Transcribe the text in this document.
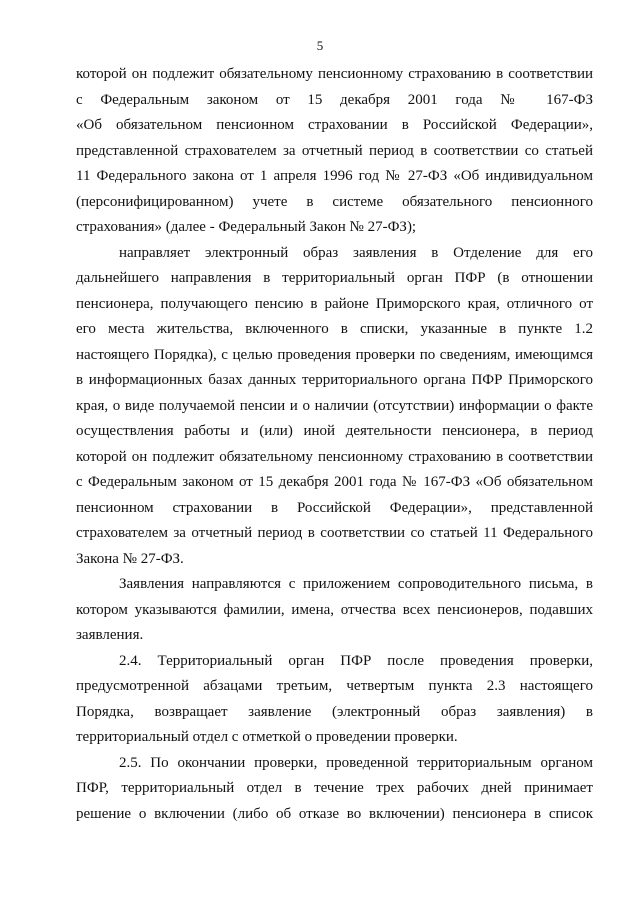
5
которой он подлежит обязательному пенсионному страхованию в соответствии
с Федеральным законом от 15 декабря 2001 года № 167-ФЗ
«Об обязательном пенсионном страховании в Российской Федерации»,
представленной страхователем за отчетный период в соответствии со статьей
11 Федерального закона от 1 апреля 1996 год № 27-ФЗ «Об индивидуальном
(персонифицированном) учете в системе обязательного пенсионного
страхования» (далее - Федеральный Закон № 27-ФЗ);
направляет электронный образ заявления в Отделение для его
дальнейшего направления в территориальный орган ПФР (в отношении
пенсионера, получающего пенсию в районе Приморского края, отличного от
его места жительства, включенного в списки, указанные в пункте 1.2
настоящего Порядка), с целью проведения проверки по сведениям, имеющимся
в информационных базах данных территориального органа ПФР Приморского
края, о виде получаемой пенсии и о наличии (отсутствии) информации о факте
осуществления работы и (или) иной деятельности пенсионера, в период
которой он подлежит обязательному пенсионному страхованию в соответствии
с Федеральным законом от 15 декабря 2001 года № 167-ФЗ «Об обязательном
пенсионном страховании в Российской Федерации», представленной
страхователем за отчетный период в соответствии со статьей 11 Федерального
Закона № 27-ФЗ.
Заявления направляются с приложением сопроводительного письма, в
котором указываются фамилии, имена, отчества всех пенсионеров, подавших
заявления.
2.4. Территориальный орган ПФР после проведения проверки,
предусмотренной абзацами третьим, четвертым пункта 2.3 настоящего
Порядка, возвращает заявление (электронный образ заявления) в
территориальный отдел с отметкой о проведении проверки.
2.5. По окончании проверки, проведенной территориальным органом
ПФР, территориальный отдел в течение трех рабочих дней принимает
решение о включении (либо об отказе во включении) пенсионера в список
